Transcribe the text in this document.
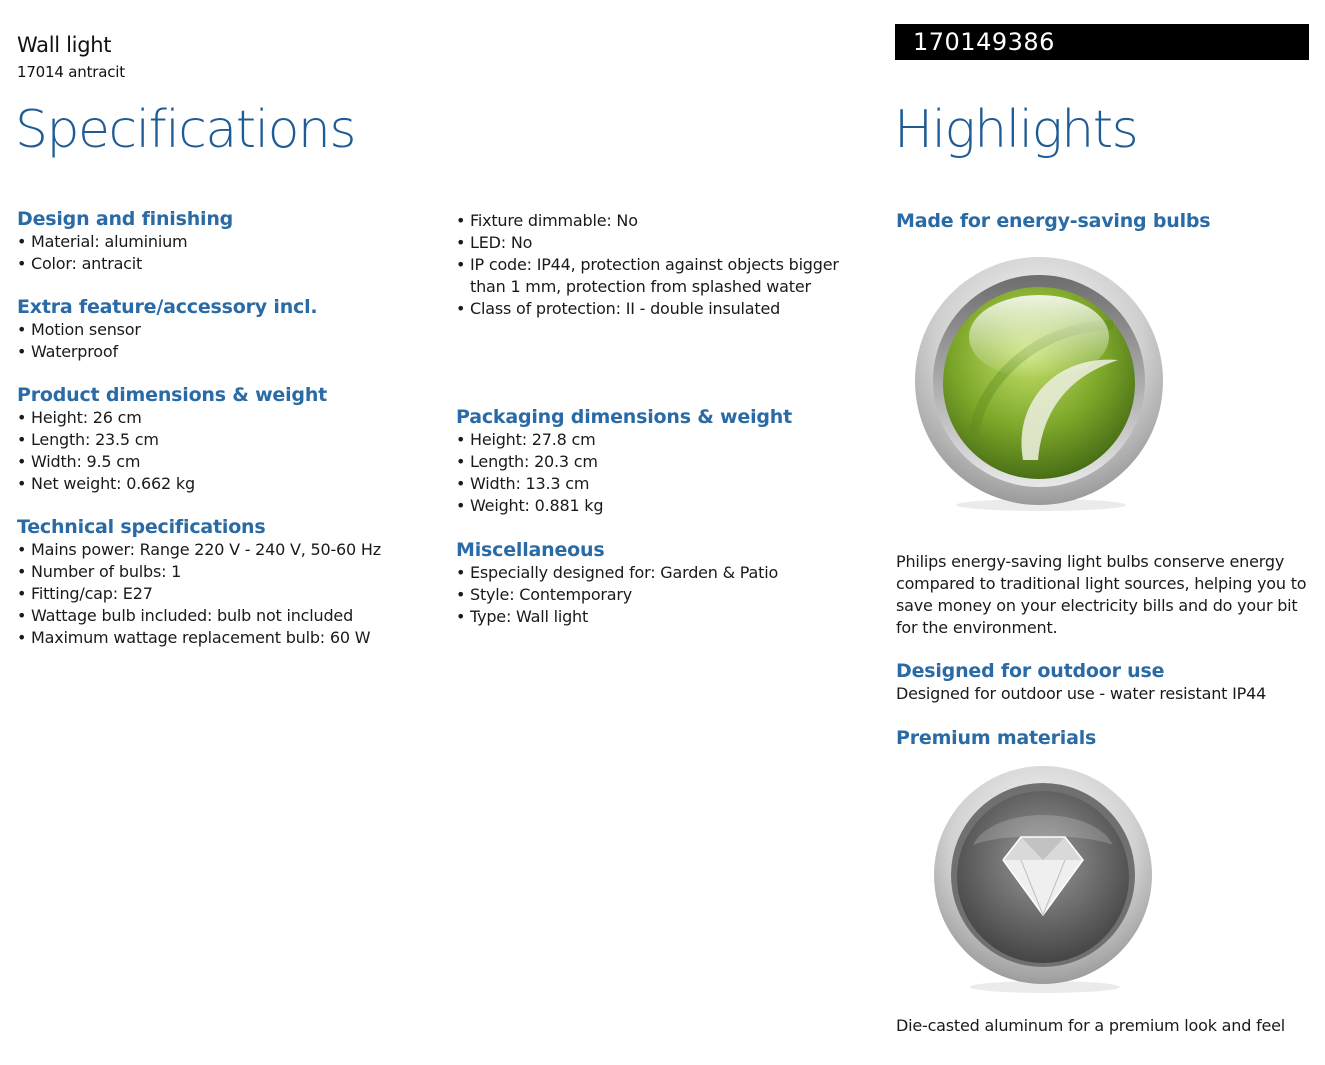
Wall light
17014 antracit
170149386
Specifications	Highlights
Design and finishing
• Material: aluminium
• Color: antracit
Extra feature/accessory incl.
• Motion sensor
• Waterproof
Product dimensions & weight
• Height: 26 cm
• Length: 23.5 cm
• Width: 9.5 cm
• Net weight: 0.662 kg
Technical specifications
• Mains power: Range 220 V - 240 V, 50-60 Hz
• Number of bulbs: 1
• Fitting/cap: E27
• Wattage bulb included: bulb not included
• Maximum wattage replacement bulb: 60 W
• Fixture dimmable: No
• LED: No
• IP code: IP44, protection against objects bigger than 1 mm, protection from splashed water
• Class of protection: II - double insulated
Packaging dimensions & weight
• Height: 27.8 cm
• Length: 20.3 cm
• Width: 13.3 cm
• Weight: 0.881 kg
Miscellaneous
• Especially designed for: Garden & Patio
• Style: Contemporary
• Type: Wall light
Made for energy-saving bulbs
Philips energy-saving light bulbs conserve energy compared to traditional light sources, helping you to save money on your electricity bills and do your bit for the environment.
Designed for outdoor use
Designed for outdoor use - water resistant IP44
Premium materials
Die-casted aluminum for a premium look and feel
